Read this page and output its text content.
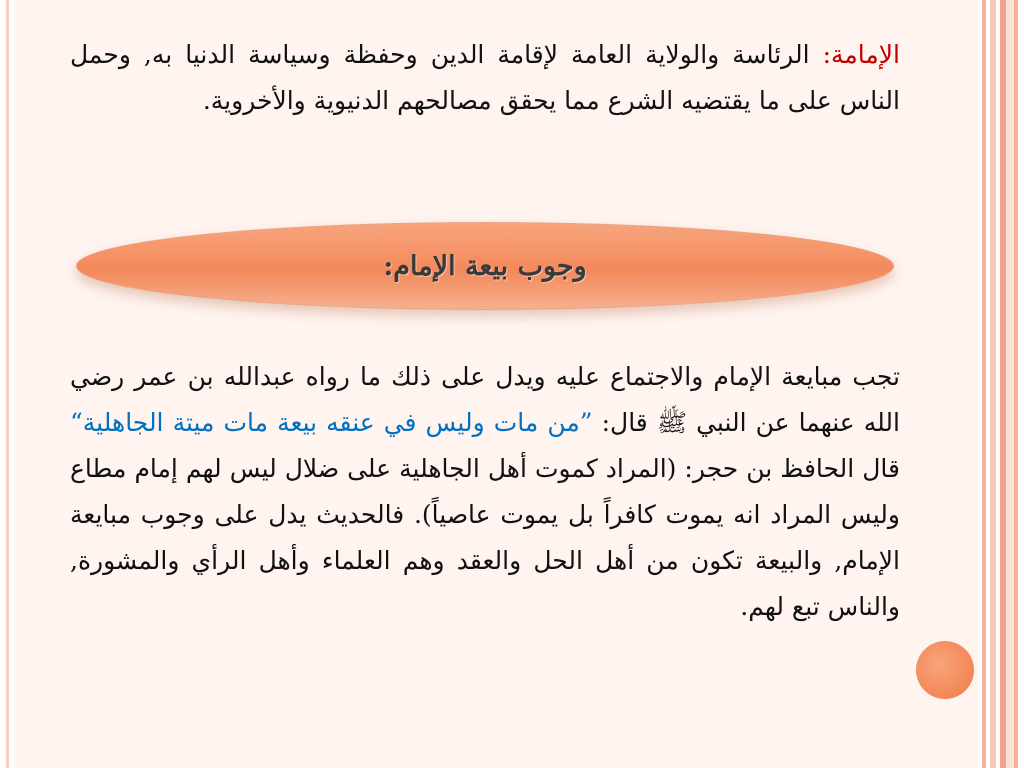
الإمامة: الرئاسة والولاية العامة لإقامة الدين وحفظة وسياسة الدنيا به, وحمل الناس على ما يقتضيه الشرع مما يحقق مصالحهم الدنيوية والأخروية.
وجوب بيعة الإمام:
تجب مبايعة الإمام والاجتماع عليه ويدل على ذلك ما رواه عبدالله بن عمر رضي الله عنهما عن النبي ﷺ قال: ”من مات وليس في عنقه بيعة مات ميتة الجاهلية“ قال الحافظ بن حجر: (المراد كموت أهل الجاهلية على ضلال ليس لهم إمام مطاع وليس المراد انه يموت كافراً بل يموت عاصياً). فالحديث يدل على وجوب مبايعة الإمام, والبيعة تكون من أهل الحل والعقد وهم العلماء وأهل الرأي والمشورة, والناس تبع لهم.
